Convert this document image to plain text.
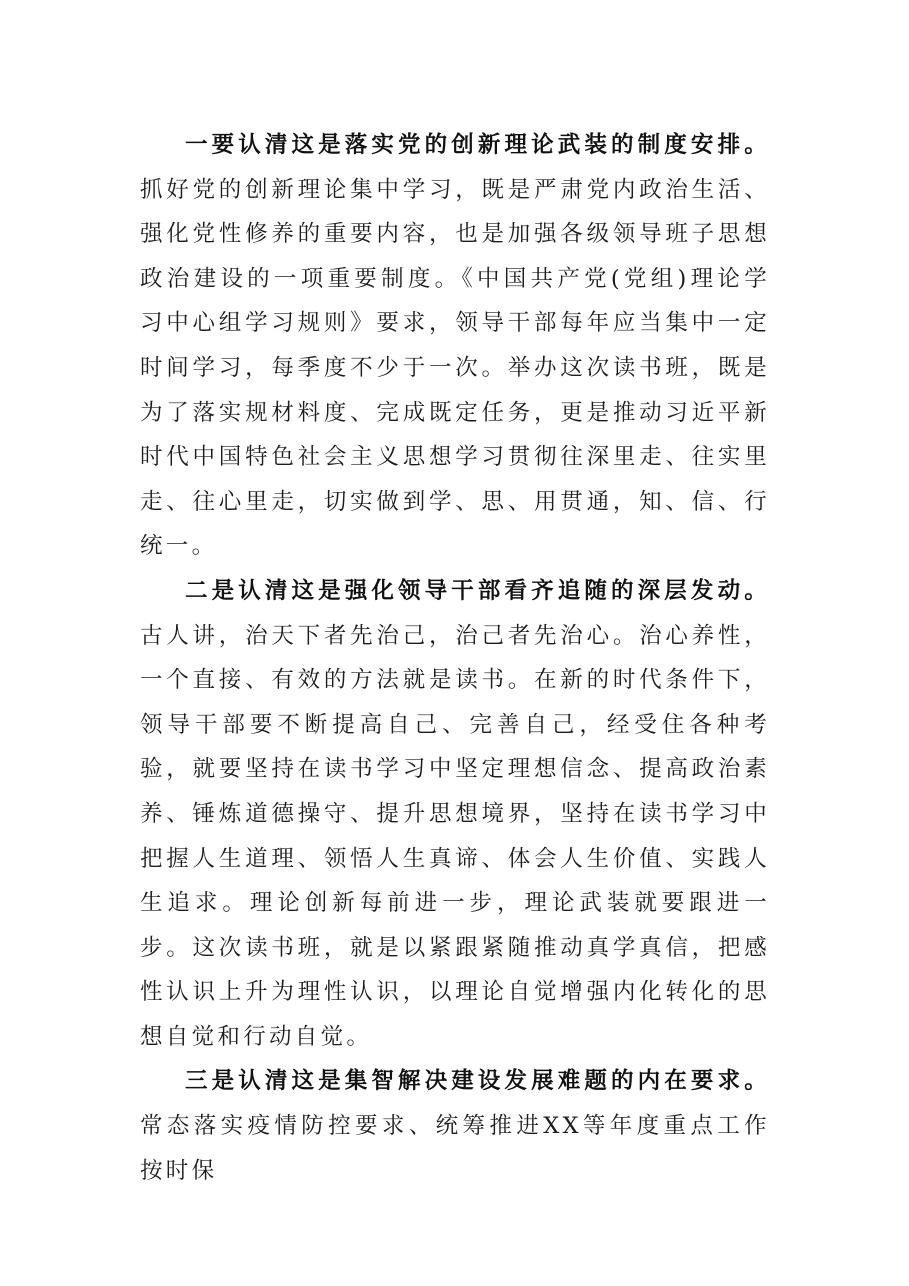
一要认清这是落实党的创新理论武装的制度安排。抓好党的创新理论集中学习，既是严肃党内政治生活、强化党性修养的重要内容，也是加强各级领导班子思想政治建设的一项重要制度。《中国共产党(党组)理论学习中心组学习规则》要求，领导干部每年应当集中一定时间学习，每季度不少于一次。举办这次读书班，既是为了落实规材料度、完成既定任务，更是推动习近平新时代中国特色社会主义思想学习贯彻往深里走、往实里走、往心里走，切实做到学、思、用贯通，知、信、行统一。

二是认清这是强化领导干部看齐追随的深层发动。古人讲，治天下者先治己，治己者先治心。治心养性，一个直接、有效的方法就是读书。在新的时代条件下，领导干部要不断提高自己、完善自己，经受住各种考验，就要坚持在读书学习中坚定理想信念、提高政治素养、锤炼道德操守、提升思想境界，坚持在读书学习中把握人生道理、领悟人生真谛、体会人生价值、实践人生追求。理论创新每前进一步，理论武装就要跟进一步。这次读书班，就是以紧跟紧随推动真学真信，把感性认识上升为理性认识，以理论自觉增强内化转化的思想自觉和行动自觉。

三是认清这是集智解决建设发展难题的内在要求。常态落实疫情防控要求、统筹推进XX等年度重点工作按时保
